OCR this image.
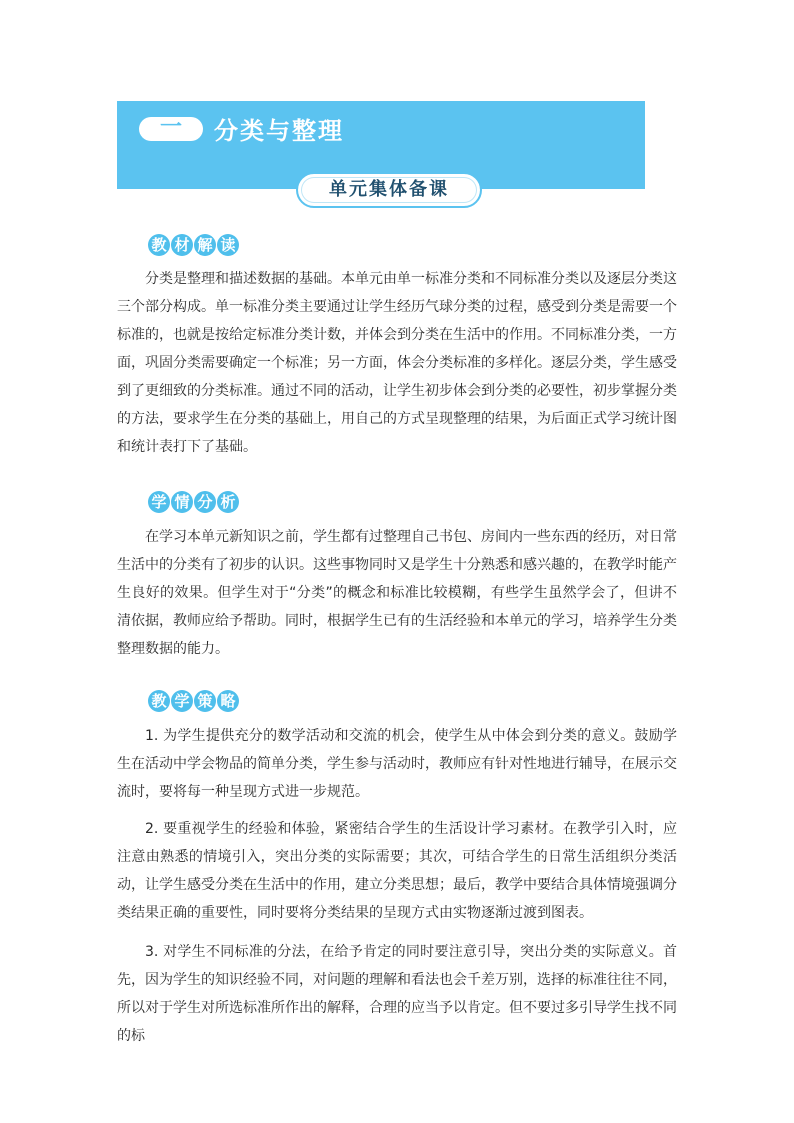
一	分类与整理
单元集体备课
教 材 解 读

分类是整理和描述数据的基础。本单元由单一标准分类和不同标准分类以及逐层分类这三个部分构成。单一标准分类主要通过让学生经历气球分类的过程，感受到分类是需要一个标准的，也就是按给定标准分类计数，并体会到分类在生活中的作用。不同标准分类，一方面，巩固分类需要确定一个标准；另一方面，体会分类标准的多样化。逐层分类，学生感受到了更细致的分类标准。通过不同的活动，让学生初步体会到分类的必要性，初步掌握分类的方法，要求学生在分类的基础上，用自己的方式呈现整理的结果，为后面正式学习统计图和统计表打下了基础。

学 情 分 析

在学习本单元新知识之前，学生都有过整理自己书包、房间内一些东西的经历，对日常生活中的分类有了初步的认识。这些事物同时又是学生十分熟悉和感兴趣的，在教学时能产生良好的效果。但学生对于“分类”的概念和标准比较模糊，有些学生虽然学会了，但讲不清依据，教师应给予帮助。同时，根据学生已有的生活经验和本单元的学习，培养学生分类整理数据的能力。

教 学 策 略

1. 为学生提供充分的数学活动和交流的机会，使学生从中体会到分类的意义。鼓励学生在活动中学会物品的简单分类，学生参与活动时，教师应有针对性地进行辅导，在展示交流时，要将每一种呈现方式进一步规范。

2. 要重视学生的经验和体验，紧密结合学生的生活设计学习素材。在教学引入时，应注意由熟悉的情境引入，突出分类的实际需要；其次，可结合学生的日常生活组织分类活动，让学生感受分类在生活中的作用，建立分类思想；最后，教学中要结合具体情境强调分类结果正确的重要性，同时要将分类结果的呈现方式由实物逐渐过渡到图表。

3. 对学生不同标准的分法，在给予肯定的同时要注意引导，突出分类的实际意义。首先，因为学生的知识经验不同，对问题的理解和看法也会千差万别，选择的标准往往不同，所以对于学生对所选标准所作出的解释，合理的应当予以肯定。但不要过多引导学生找不同的标
